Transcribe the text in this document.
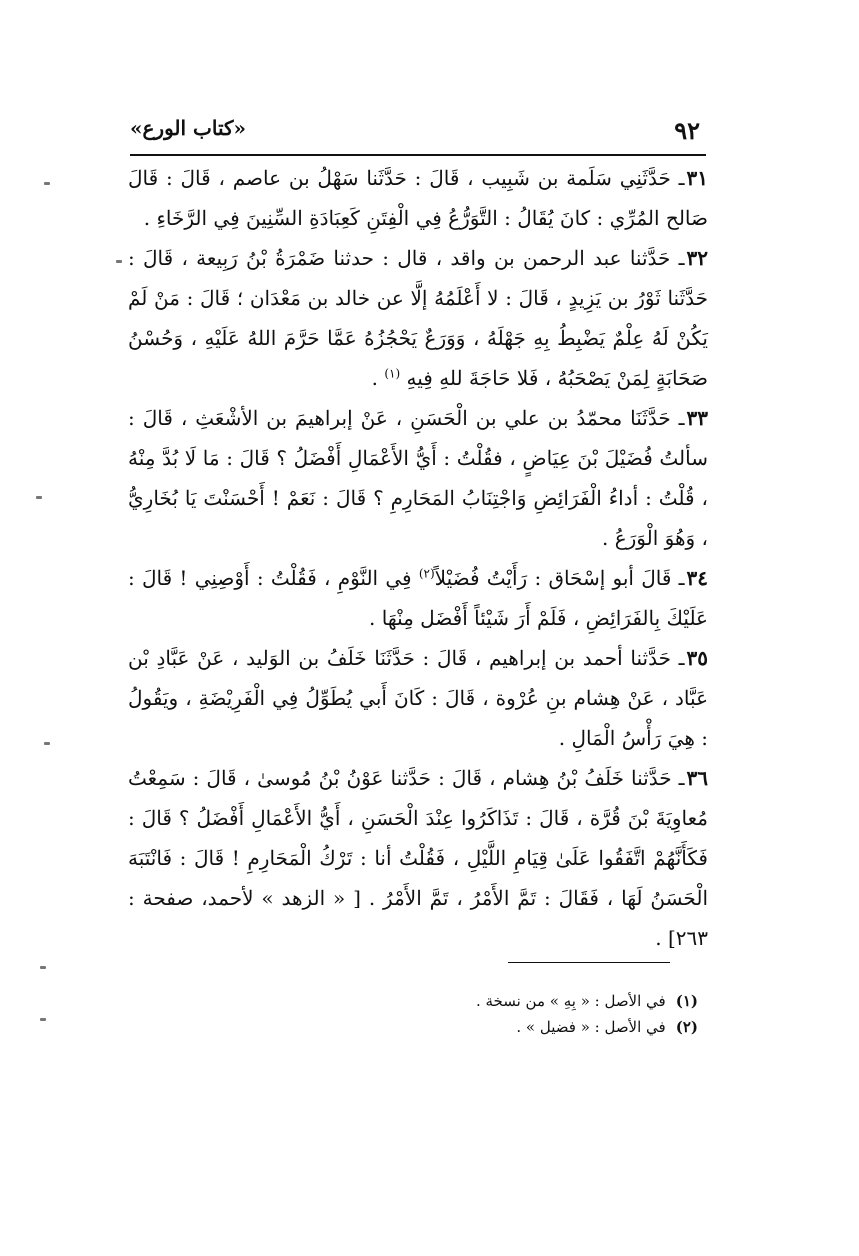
٩٢
«كتاب الورع»

٣١ـ حَدَّثَنِي سَلَمة بن شَبِيب ، قَالَ : حَدَّثَنا سَهْلُ بن عاصم ، قَالَ : قَالَ صَالح المُرِّي : كانَ يُقَالُ : التَّوَرُّعُ فِي الْفِتَنِ كَعِبَادَةِ السِّنِينَ فِي الرَّخَاءِ .

٣٢ـ حَدَّثنا عبد الرحمن بن واقد ، قال : حدثنا ضَمْرَةُ بْنُ رَبِيعة ، قَالَ : حَدَّثَنا ثَوْرُ بن يَزِيدٍ ، قَالَ : لا أَعْلَمُهُ إلَّا عن خالد بن مَعْدَان ؛ قَالَ : مَنْ لَمْ يَكُنْ لَهُ عِلْمٌ يَضْبِطُ بِهِ جَهْلَهُ ، وَوَرَعٌ يَحْجُزُهُ عَمَّا حَرَّمَ اللهُ عَلَيْهِ ، وَحُسْنُ صَحَابَةٍ لِمَنْ يَصْحَبُهُ ، فَلا حَاجَةَ للهِ فِيهِ $^{(١)}$ .

٣٣ـ حَدَّثَنَا محمّدُ بن علي بن الْحَسَنِ ، عَنْ إبراهيمَ بن الأشْعَثِ ، قَالَ : سألتُ فُضَيْلَ بْنَ عِيَاضٍ ، فقُلْتُ : أَيُّ الأَعْمَالِ أَفْضَلُ ؟ قَالَ : مَا لَا بُدَّ مِنْهُ ، قُلْتُ : أداءُ الْفَرَائِضِ وَاجْتِنَابُ المَحَارِمِ ؟ قَالَ : نَعَمْ ! أَحْسَنْتَ يَا بُخَارِيُّ ، وَهُوَ الْوَرَعُ .

٣٤ـ قَالَ أبو إسْحَاق : رَأَيْتُ فُضَيْلاً$^{(٢)}$ فِي النَّوْمِ ، فَقُلْتُ : أَوْصِنِي ! قَالَ : عَلَيْكَ بِالفَرَائِضِ ، فَلَمْ أَرَ شَيْئاً أَفْضَل مِنْهَا .

٣٥ـ حَدَّثنا أحمد بن إبراهيم ، قَالَ : حَدَّثَنَا خَلَفُ بن الوَليد ، عَنْ عَبَّادِ بْن عَبَّاد ، عَنْ هِشام بنِ عُرْوة ، قَالَ : كَانَ أَبي يُطَوِّلُ فِي الْفَرِيْضَةِ ، ويَقُولُ : هِيَ رَأْسُ الْمَالِ .

٣٦ـ حَدَّثنا خَلَفُ بْنُ هِشام ، قَالَ : حَدَّثنا عَوْنُ بْنُ مُوسىٰ ، قَالَ : سَمِعْتُ مُعاوِيَةَ بْنَ قُرَّة ، قَالَ : تَذَاكَرُوا عِنْدَ الْحَسَنِ ، أَيُّ الأَعْمَالِ أَفْضَلُ ؟ قَالَ : فَكَأَنَّهُمْ اتَّفَقُوا عَلَىٰ قِيَامِ اللَّيْلِ ، فَقُلْتُ أنا : تَرْكُ الْمَحَارِمِ ! قَالَ : فَانْتَبَهَ الْحَسَنُ لَهَا ، فَقَالَ : تَمَّ الأَمْرُ ، تَمَّ الأَمْرُ . [ « الزهد » لأحمد، صفحة : ٢٦٣] .

(١)في الأصل : « بِهِ » من نسخة .

(٢)في الأصل : « فضيل » .
